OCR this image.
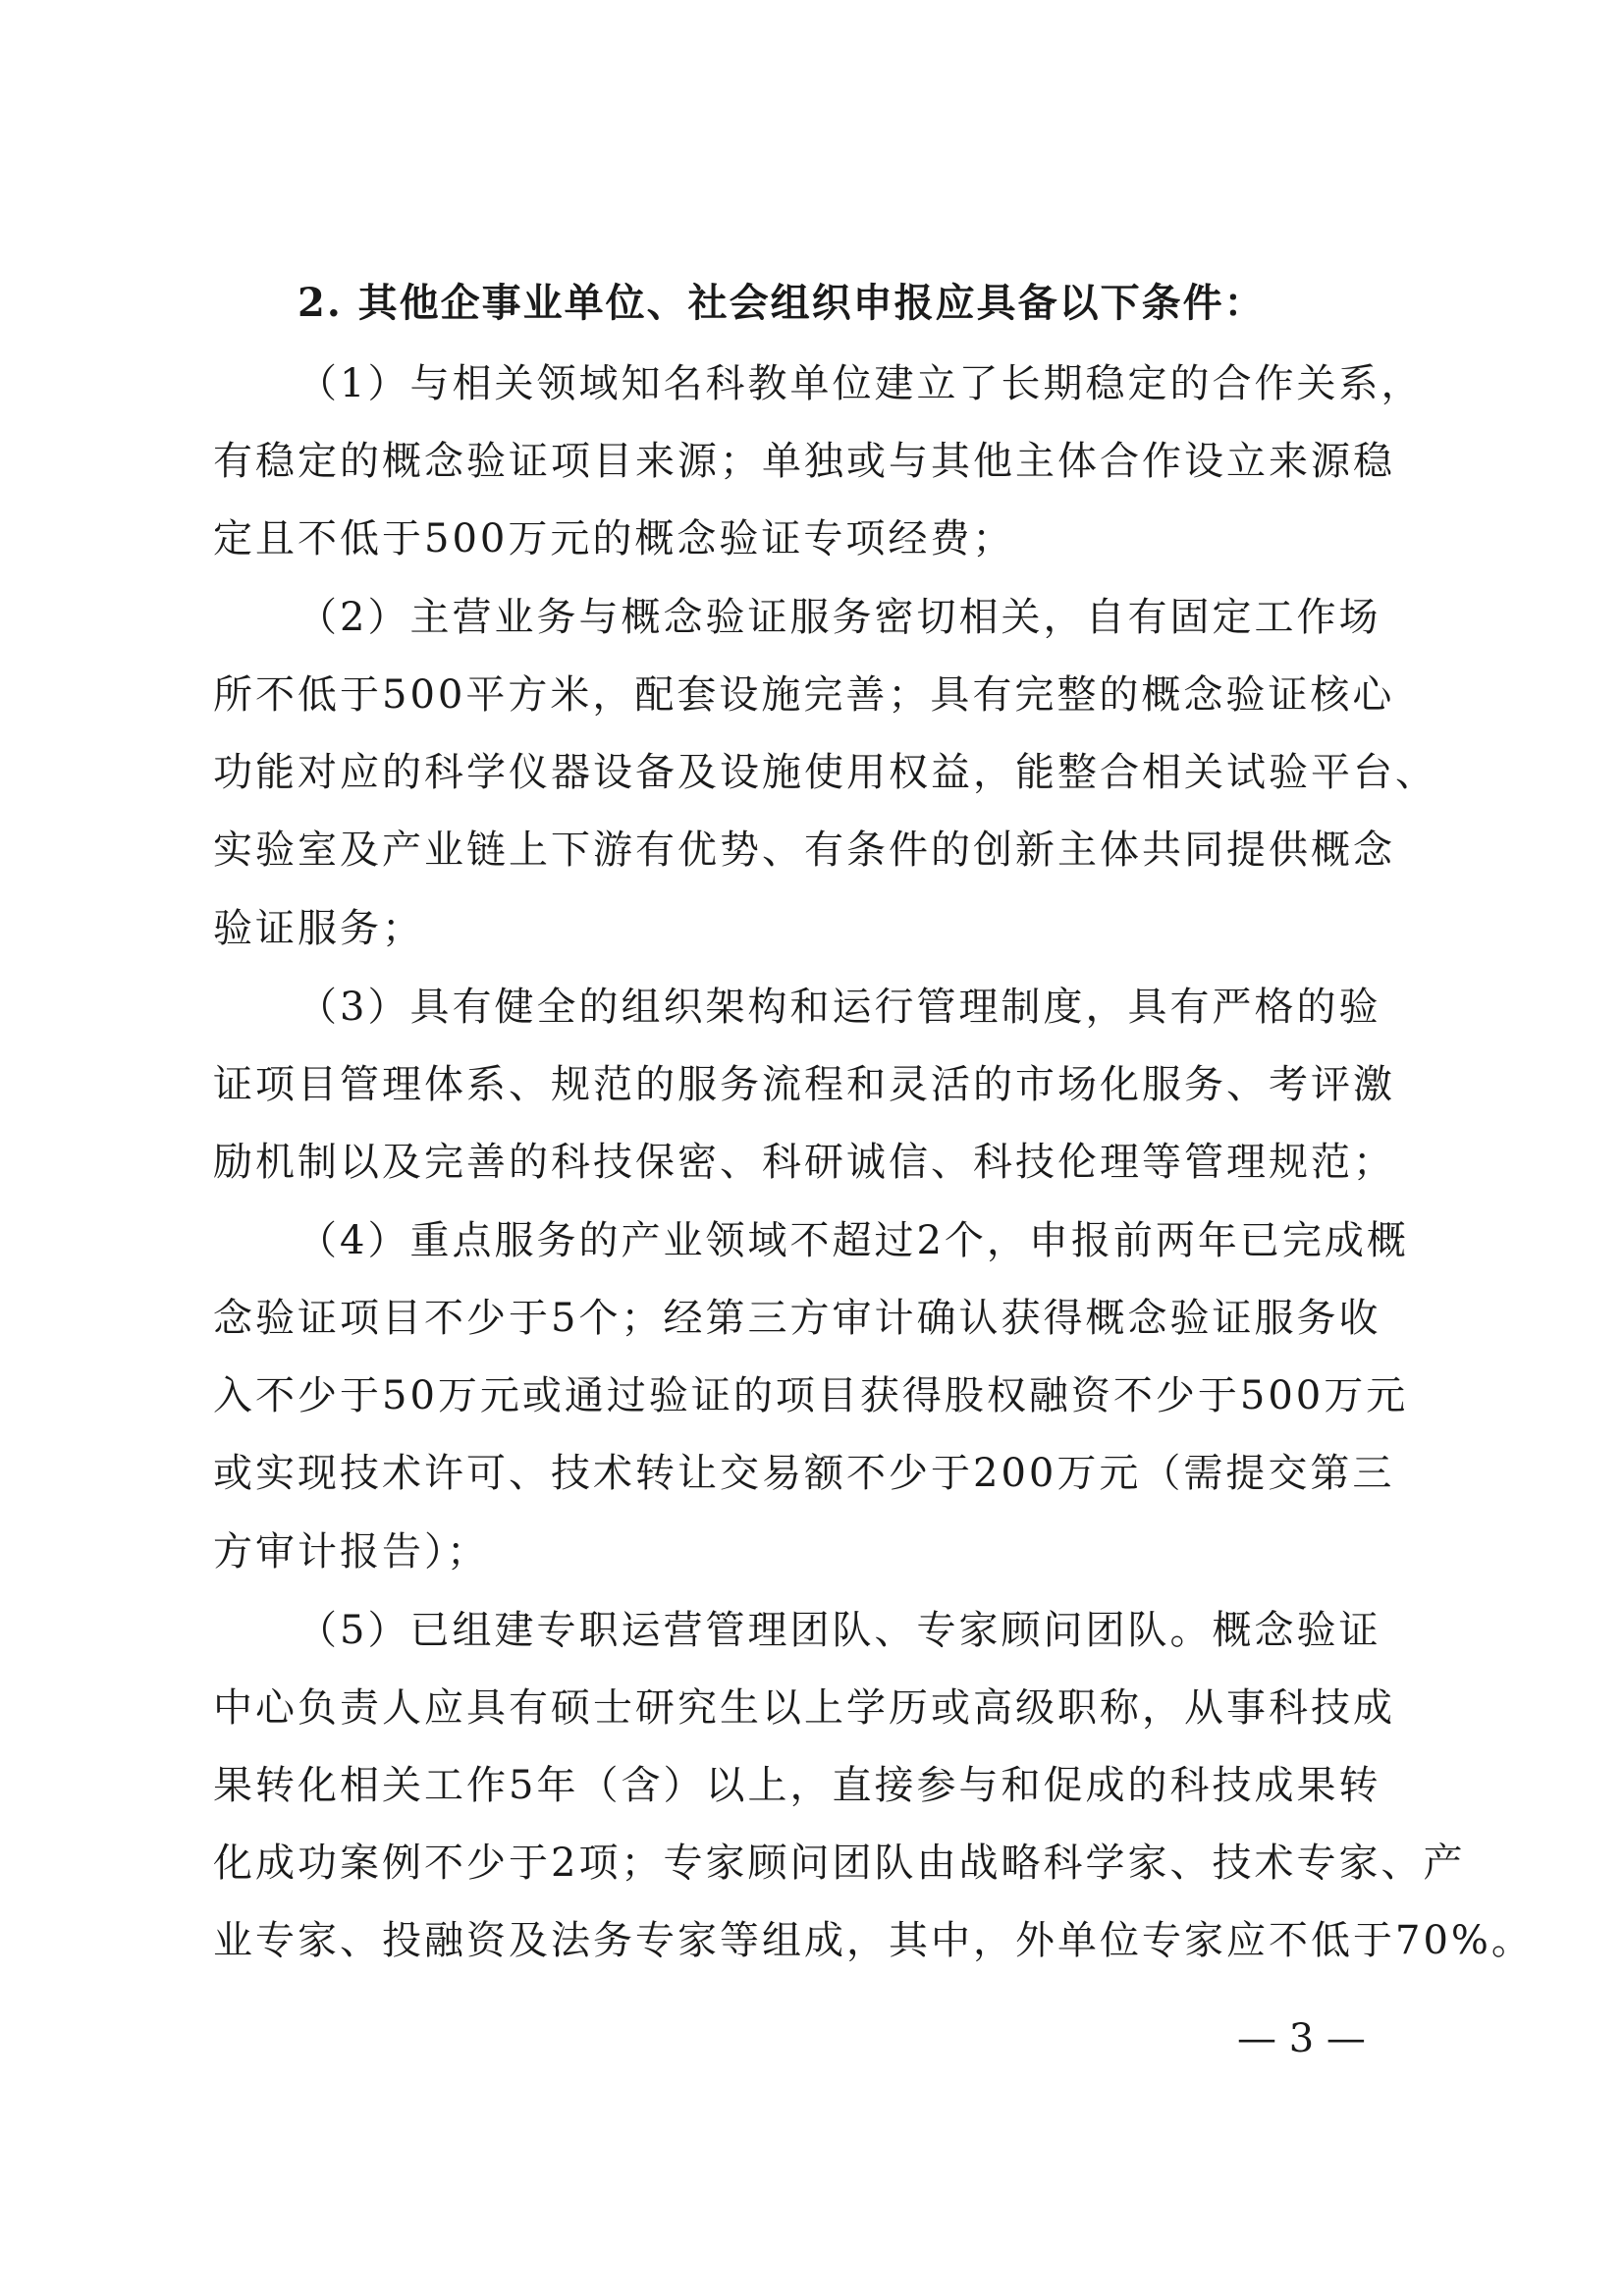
2. 其他企事业单位、社会组织申报应具备以下条件：
（1）与相关领域知名科教单位建立了长期稳定的合作关系，
有稳定的概念验证项目来源；单独或与其他主体合作设立来源稳
定且不低于500万元的概念验证专项经费；
（2）主营业务与概念验证服务密切相关，自有固定工作场
所不低于500平方米，配套设施完善；具有完整的概念验证核心
功能对应的科学仪器设备及设施使用权益，能整合相关试验平台、
实验室及产业链上下游有优势、有条件的创新主体共同提供概念
验证服务；
（3）具有健全的组织架构和运行管理制度，具有严格的验
证项目管理体系、规范的服务流程和灵活的市场化服务、考评激
励机制以及完善的科技保密、科研诚信、科技伦理等管理规范；
（4）重点服务的产业领域不超过2个，申报前两年已完成概
念验证项目不少于5个；经第三方审计确认获得概念验证服务收
入不少于50万元或通过验证的项目获得股权融资不少于500万元
或实现技术许可、技术转让交易额不少于200万元（需提交第三
方审计报告）；
（5）已组建专职运营管理团队、专家顾问团队。概念验证
中心负责人应具有硕士研究生以上学历或高级职称，从事科技成
果转化相关工作5年（含）以上，直接参与和促成的科技成果转
化成功案例不少于2项；专家顾问团队由战略科学家、技术专家、产
业专家、投融资及法务专家等组成，其中，外单位专家应不低于70%。
— 3 —
